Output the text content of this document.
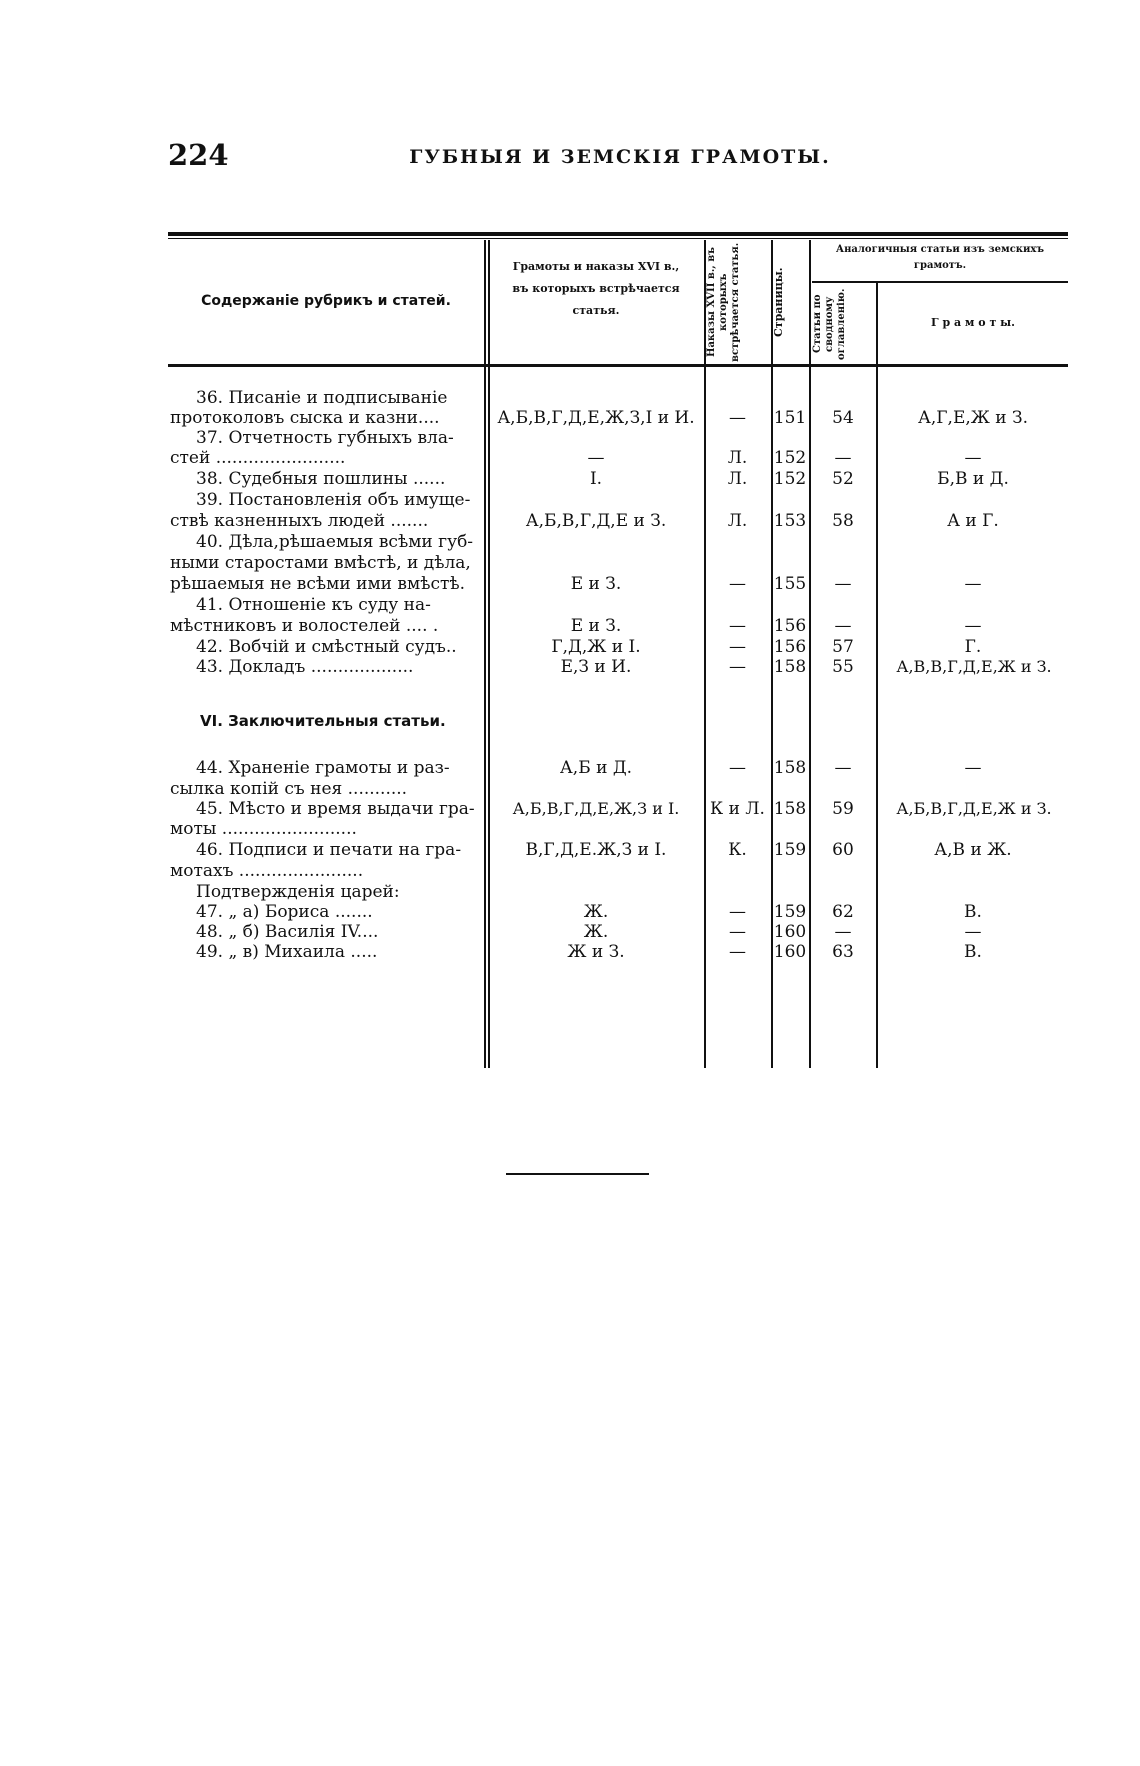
224	ГУБНЫЯ И ЗЕМСКІЯ ГРАМОТЫ.
Содержаніе рубрикъ и статей.
Грамоты и наказы XVI в.,
въ которыхъ встрѣчается
статья.	Наказы XVII в., въ которыхъ встрѣчается статья.	Страницы.
Аналогичныя статьи изъ земскихъ грамотъ.
Статьи по сводному оглавленію.	Г р а м о т ы.
36. Писаніе и подписываніе
протоколовъ сыска и казни....	А,Б,В,Г,Д,Е,Ж,З,І и И.	—	151	54	А,Г,Е,Ж и З.
37. Отчетность губныхъ вла-
стей ........................	—	Л.	152	—	—
38. Судебныя пошлины ......	І.	Л.	152	52	Б,В и Д.
39. Постановленія объ имуще-
ствѣ казненныхъ людей .......	А,Б,В,Г,Д,Е и З.	Л.	153	58	А и Г.
40. Дѣла,рѣшаемыя всѣми губ-
ными старостами вмѣстѣ, и дѣла,
рѣшаемыя не всѣми ими вмѣстѣ.	Е и З.	—	155	—	—
41. Отношеніе къ суду на-
мѣстниковъ и волостелей .... .	Е и З.	—	156	—	—
42. Вобчій и смѣстный судъ..	Г,Д,Ж и І.	—	156	57	Г.
43. Докладъ ...................	Е,З и И.	—	158	55	А,В,В,Г,Д,Е,Ж и З.
VI. Заключительныя статьи.
44. Храненіе грамоты и раз-
сылка копій съ нея ...........
А,Б и Д.	—	158	—	—
45. Мѣсто и время выдачи гра-
моты .........................
А,Б,В,Г,Д,Е,Ж,З и І.	К и Л. 158	59	А,Б,В,Г,Д,Е,Ж и З.
46. Подписи и печати на гра-
мотахъ .......................
В,Г,Д,Е.Ж,З и І.	К.	159	60	А,В и Ж.
Подтвержденія царей:
47. „ а) Бориса .......	Ж.	—	159	62	В.
48. „ б) Василія IV....	Ж.	—	160	—	—
49. „ в) Михаила .....	Ж и З.	—	160	63	В.
